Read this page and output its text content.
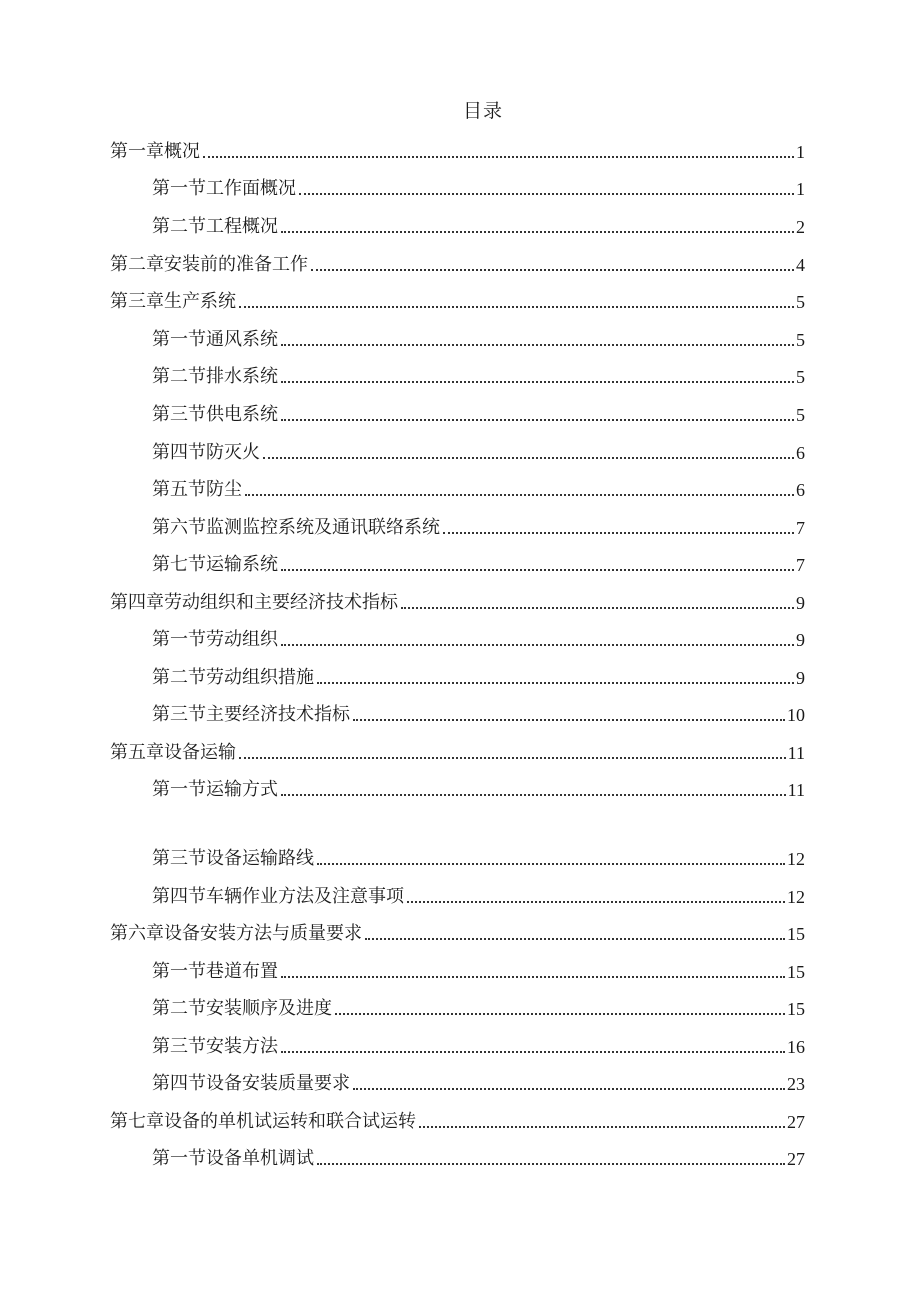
目录
第一章概况	1
第一节工作面概况	1
第二节工程概况	2
第二章安装前的准备工作	4
第三章生产系统	5
第一节通风系统	5
第二节排水系统	5
第三节供电系统	5
第四节防灭火	6
第五节防尘	6
第六节监测监控系统及通讯联络系统	7
第七节运输系统	7
第四章劳动组织和主要经济技术指标	9
第一节劳动组织	9
第二节劳动组织措施	9
第三节主要经济技术指标	10
第五章设备运输	11
第一节运输方式	11
第三节设备运输路线	12
第四节车辆作业方法及注意事项	12
第六章设备安装方法与质量要求	15
第一节巷道布置	15
第二节安装顺序及进度	15
第三节安装方法	16
第四节设备安装质量要求	23
第七章设备的单机试运转和联合试运转	27
第一节设备单机调试	27
